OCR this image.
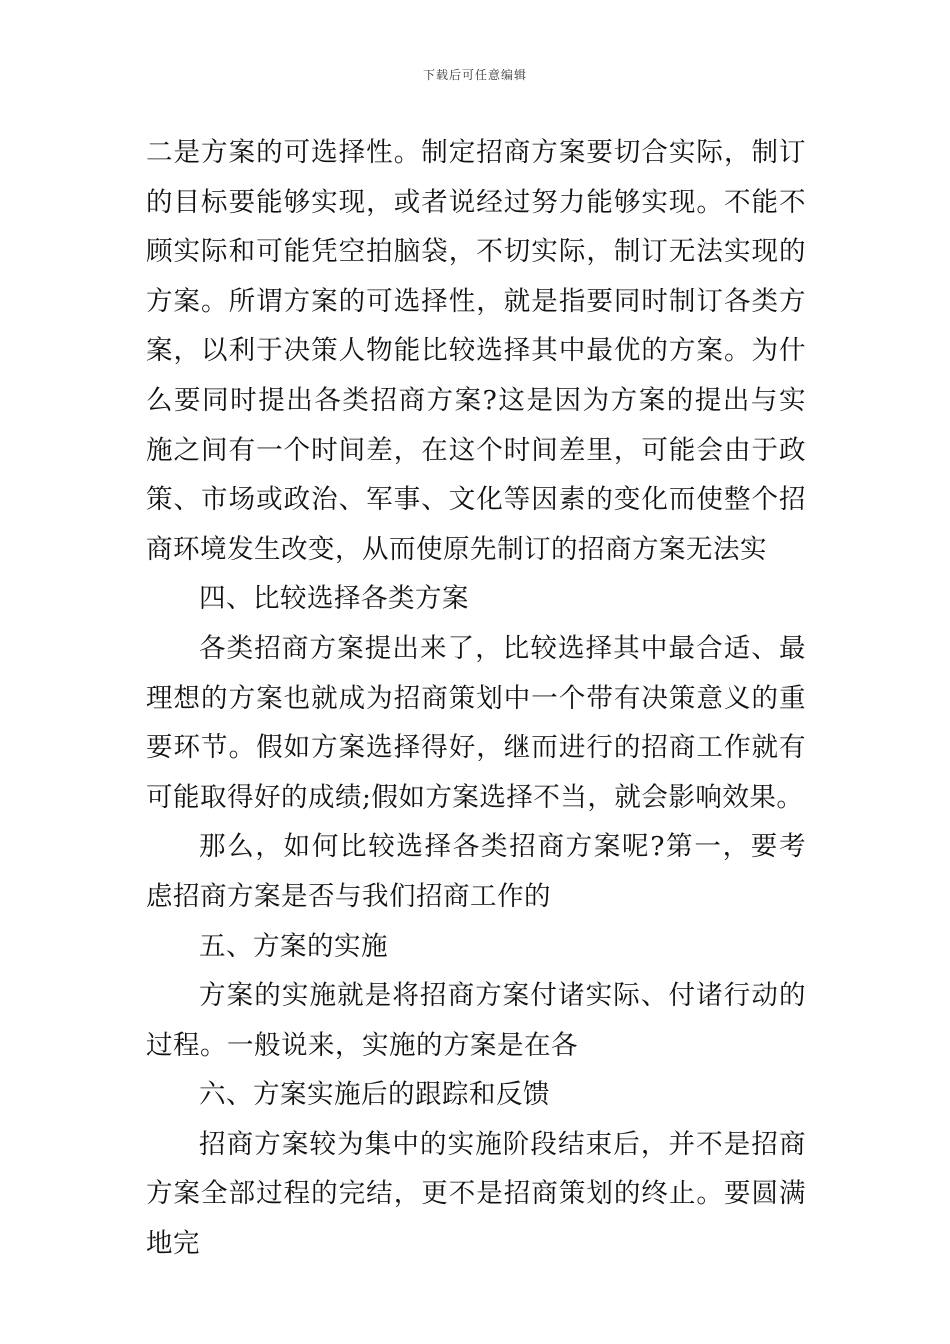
下载后可任意编辑

二是方案的可选择性。制定招商方案要切合实际，制订的目标要能够实现，或者说经过努力能够实现。不能不顾实际和可能凭空拍脑袋，不切实际，制订无法实现的方案。所谓方案的可选择性，就是指要同时制订各类方案，以利于决策人物能比较选择其中最优的方案。为什么要同时提出各类招商方案?这是因为方案的提出与实施之间有一个时间差，在这个时间差里，可能会由于政策、市场或政治、军事、文化等因素的变化而使整个招商环境发生改变，从而使原先制订的招商方案无法实

四、比较选择各类方案

各类招商方案提出来了，比较选择其中最合适、最理想的方案也就成为招商策划中一个带有决策意义的重要环节。假如方案选择得好，继而进行的招商工作就有可能取得好的成绩;假如方案选择不当，就会影响效果。

那么，如何比较选择各类招商方案呢?第一，要考虑招商方案是否与我们招商工作的

五、方案的实施

方案的实施就是将招商方案付诸实际、付诸行动的过程。一般说来，实施的方案是在各

六、方案实施后的跟踪和反馈

招商方案较为集中的实施阶段结束后，并不是招商方案全部过程的完结，更不是招商策划的终止。要圆满地完
